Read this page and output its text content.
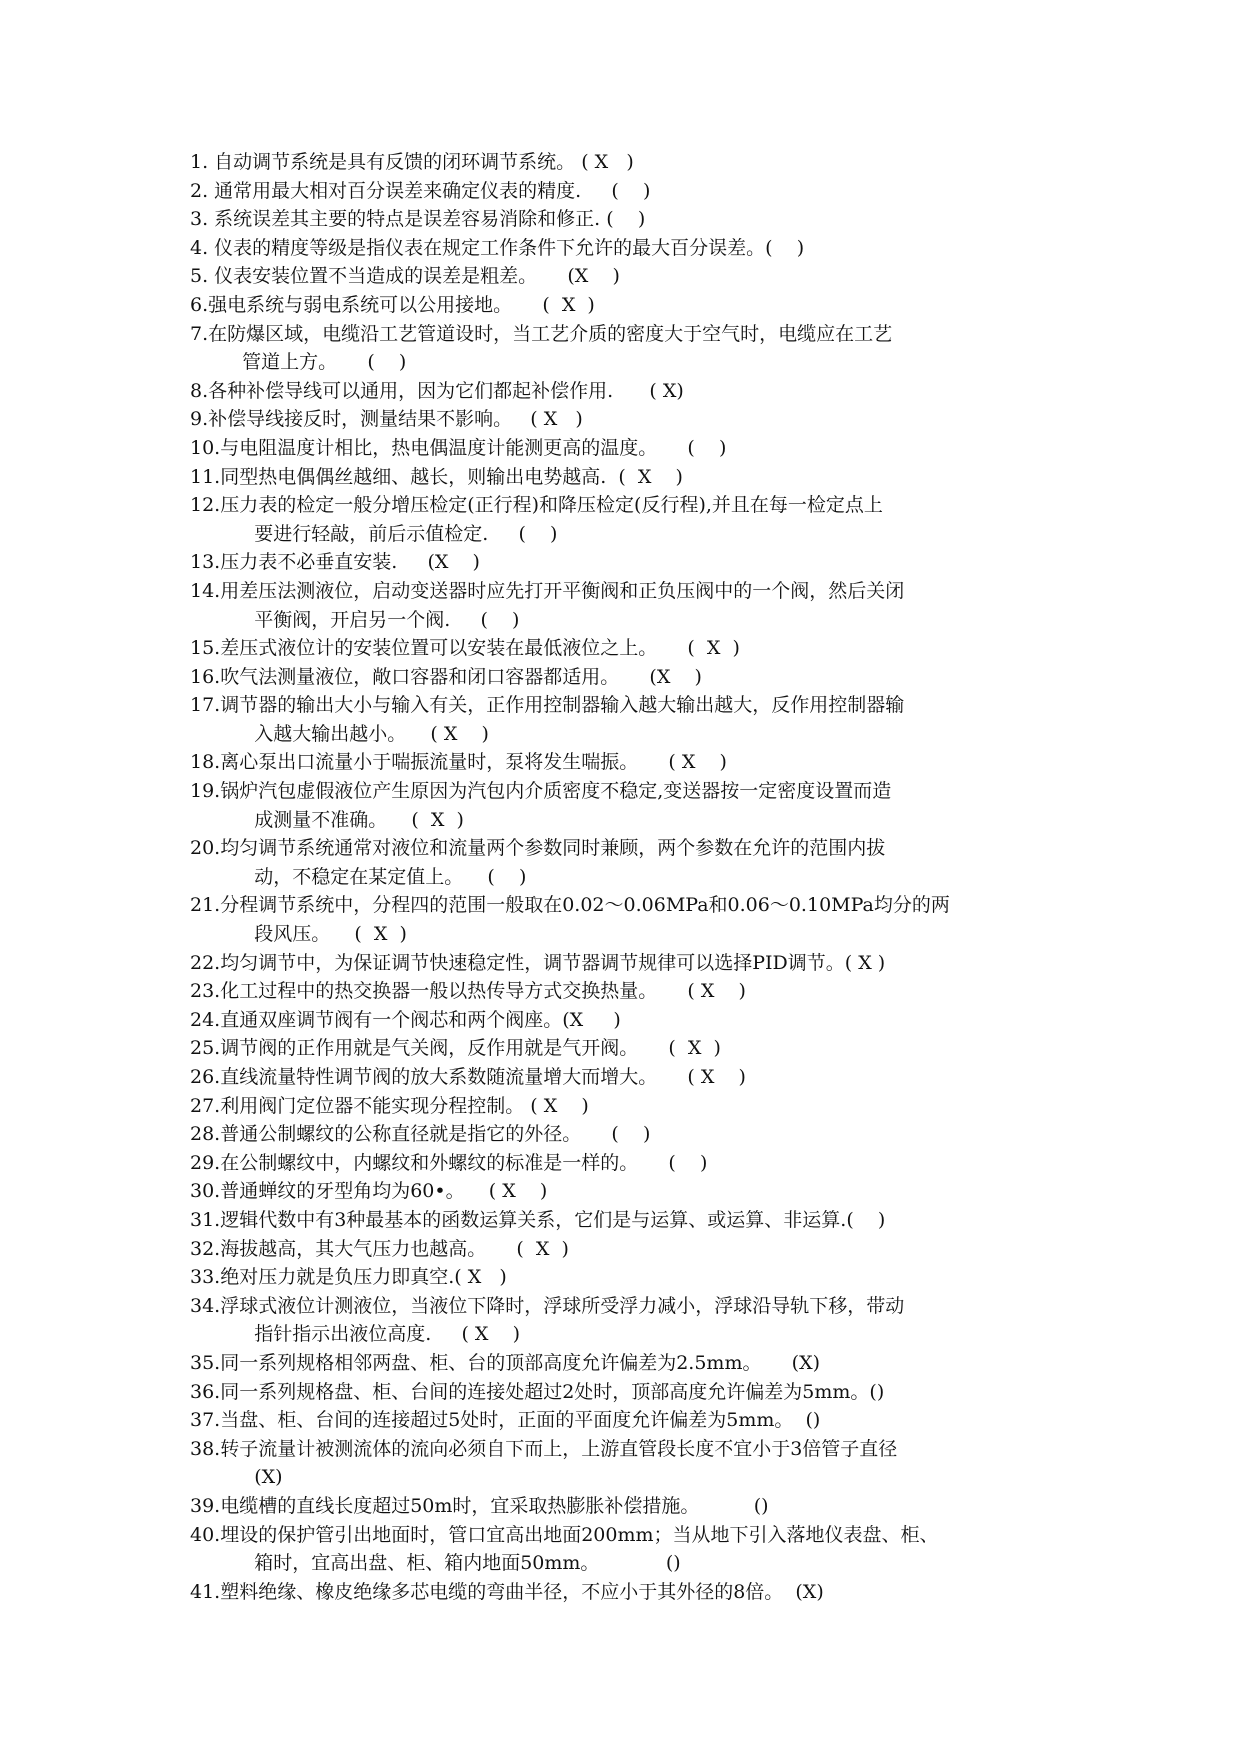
1. 自动调节系统是具有反馈的闭环调节系统。 ( X   )
2. 通常用最大相对百分误差来确定仪表的精度.     (    )
3. 系统误差其主要的特点是误差容易消除和修正. (    )
4. 仪表的精度等级是指仪表在规定工作条件下允许的最大百分误差。(    )
5. 仪表安装位置不当造成的误差是粗差。     (X    )
6. 强电系统与弱电系统可以公用接地。     (  X  )
7. 在防爆区域，电缆沿工艺管道设时，当工艺介质的密度大于空气时，电缆应在工艺
管道上方。     (    )
8. 各种补偿导线可以通用，因为它们都起补偿作用.      ( X)
9. 补偿导线接反时，测量结果不影响。   ( X   )
10. 与电阻温度计相比，热电偶温度计能测更高的温度。     (    )
11. 同型热电偶偶丝越细、越长，则输出电势越高.  (  X    )
12. 压力表的检定一般分增压检定(正行程)和降压检定(反行程),并且在每一检定点上
要进行轻敲，前后示值检定.     (    )
13. 压力表不必垂直安装.     (X    )
14. 用差压法测液位，启动变送器时应先打开平衡阀和正负压阀中的一个阀，然后关闭
平衡阀，开启另一个阀.     (    )
15. 差压式液位计的安装位置可以安装在最低液位之上。     (  X  )
16. 吹气法测量液位，敞口容器和闭口容器都适用。     (X    )
17. 调节器的输出大小与输入有关，正作用控制器输入越大输出越大，反作用控制器输
入越大输出越小。    ( X    )
18. 离心泵出口流量小于喘振流量时，泵将发生喘振。     ( X    )
19. 锅炉汽包虚假液位产生原因为汽包内介质密度不稳定,变送器按一定密度设置而造
成测量不准确。    (  X  )
20. 均匀调节系统通常对液位和流量两个参数同时兼顾，两个参数在允许的范围内拔
动，不稳定在某定值上。    (    )
21. 分程调节系统中，分程四的范围一般取在0.02～0.06MPa和0.06～0.10MPa均分的两
段风压。    (  X  )
22. 均匀调节中，为保证调节快速稳定性，调节器调节规律可以选择PID调节。( X )
23. 化工过程中的热交换器一般以热传导方式交换热量。     ( X    )
24. 直通双座调节阀有一个阀芯和两个阀座。(X     )
25. 调节阀的正作用就是气关阀，反作用就是气开阀。     (  X  )
26. 直线流量特性调节阀的放大系数随流量增大而增大。     ( X    )
27. 利用阀门定位器不能实现分程控制。 ( X    )
28. 普通公制螺纹的公称直径就是指它的外径。     (    )
29. 在公制螺纹中，内螺纹和外螺纹的标准是一样的。     (    )
30. 普通蝉纹的牙型角均为60•。    ( X    )
31. 逻辑代数中有3种最基本的函数运算关系，它们是与运算、或运算、非运算.(    )
32. 海拔越高，其大气压力也越高。     (  X  )
33. 绝对压力就是负压力即真空.( X   )
34. 浮球式液位计测液位，当液位下降时，浮球所受浮力减小，浮球沿导轨下移，带动
指针指示出液位高度.     ( X    )
35. 同一系列规格相邻两盘、柜、台的顶部高度允许偏差为2.5mm。     (X)
36. 同一系列规格盘、柜、台间的连接处超过2处时，顶部高度允许偏差为5mm。()
37. 当盘、柜、台间的连接超过5处时，正面的平面度允许偏差为5mm。  ()
38. 转子流量计被测流体的流向必须自下而上，上游直管段长度不宜小于3倍管子直径
(X)
39. 电缆槽的直线长度超过50m时，宜采取热膨胀补偿措施。         ()
40. 埋设的保护管引出地面时，管口宜高出地面200mm；当从地下引入落地仪表盘、柜、
箱时，宜高出盘、柜、箱内地面50mm。           ()
41. 塑料绝缘、橡皮绝缘多芯电缆的弯曲半径，不应小于其外径的8倍。  (X)
